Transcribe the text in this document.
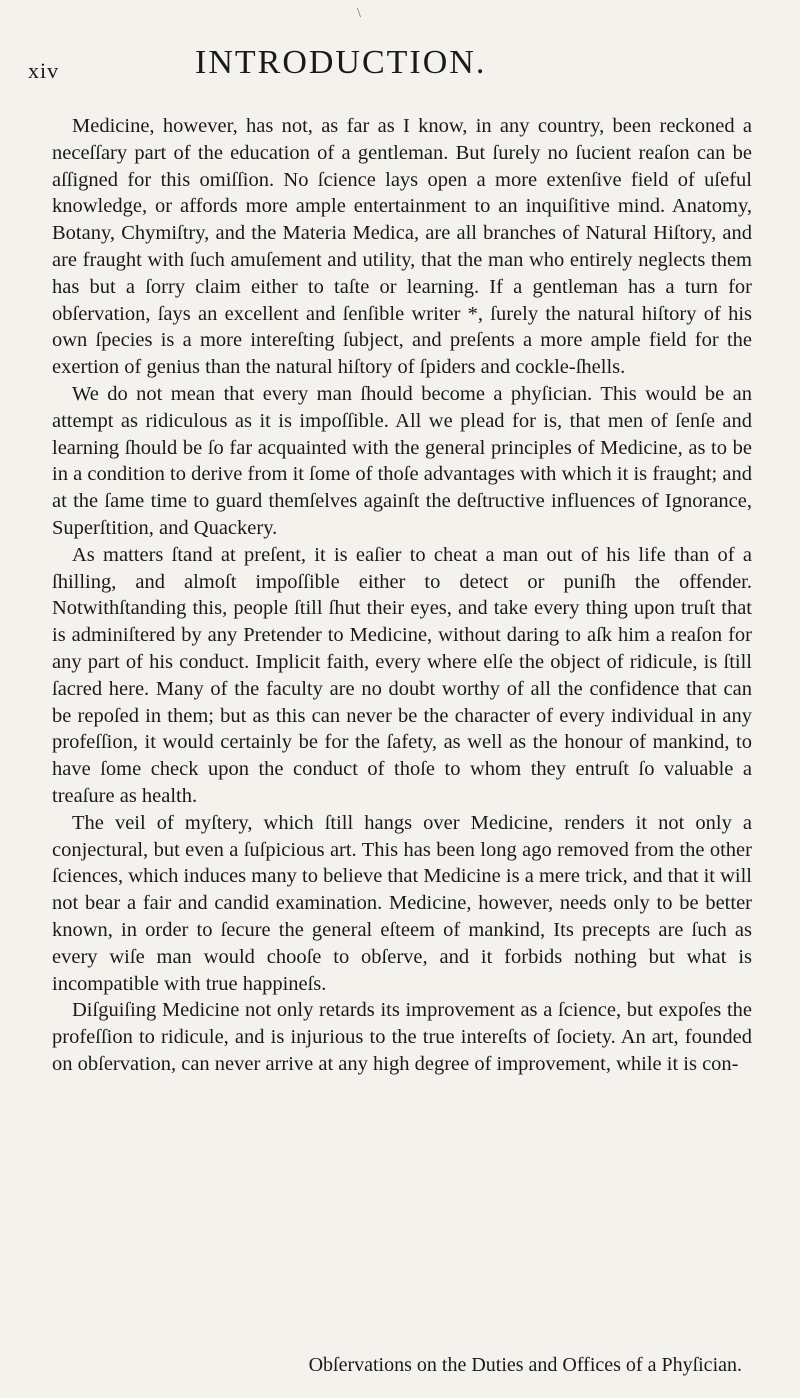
\
xiv	INTRODUCTION.

Medicine, however, has not, as far as I know, in any country, been reckoned a neceſſary part of the education of a gentleman. But ſurely no ſucient reaſon can be aſſigned for this omiſſion. No ſcience lays open a more extenſive field of uſeful knowledge, or affords more ample entertainment to an inquiſitive mind. Anatomy, Botany, Chymiſtry, and the Materia Medica, are all branches of Natural Hiſtory, and are fraught with ſuch amuſement and utility, that the man who entirely neglects them has but a ſorry claim either to taſte or learning. If a gentleman has a turn for obſervation, ſays an excellent and ſenſible writer *, ſurely the natural hiſtory of his own ſpecies is a more intereſting ſubject, and preſents a more ample field for the exertion of genius than the natural hiſtory of ſpiders and cockle-ſhells.

We do not mean that every man ſhould become a phyſician. This would be an attempt as ridiculous as it is impoſſible. All we plead for is, that men of ſenſe and learning ſhould be ſo far acquainted with the general principles of Medicine, as to be in a condition to derive from it ſome of thoſe advantages with which it is fraught; and at the ſame time to guard themſelves againſt the deſtructive influences of Ignorance, Superſtition, and Quackery.

As matters ſtand at preſent, it is eaſier to cheat a man out of his life than of a ſhilling, and almoſt impoſſible either to detect or puniſh the offender. Notwithſtanding this, people ſtill ſhut their eyes, and take every thing upon truſt that is adminiſtered by any Pretender to Medicine, without daring to aſk him a reaſon for any part of his conduct. Implicit faith, every where elſe the object of ridicule, is ſtill ſacred here. Many of the faculty are no doubt worthy of all the confidence that can be repoſed in them; but as this can never be the character of every individual in any profeſſion, it would certainly be for the ſafety, as well as the honour of mankind, to have ſome check upon the conduct of thoſe to whom they entruſt ſo valuable a treaſure as health.

The veil of myſtery, which ſtill hangs over Medicine, renders it not only a conjectural, but even a ſuſpicious art. This has been long ago removed from the other ſciences, which induces many to believe that Medicine is a mere trick, and that it will not bear a fair and candid examination. Medicine, however, needs only to be better known, in order to ſecure the general eſteem of mankind, Its precepts are ſuch as every wiſe man would chooſe to obſerve, and it forbids nothing but what is incompatible with true happineſs.

Diſguiſing Medicine not only retards its improvement as a ſcience, but expoſes the profeſſion to ridicule, and is injurious to the true intereſts of ſociety. An art, founded on obſervation, can never arrive at any high degree of improvement, while it is con-

Obſervations on the Duties and Offices of a Phyſician.
